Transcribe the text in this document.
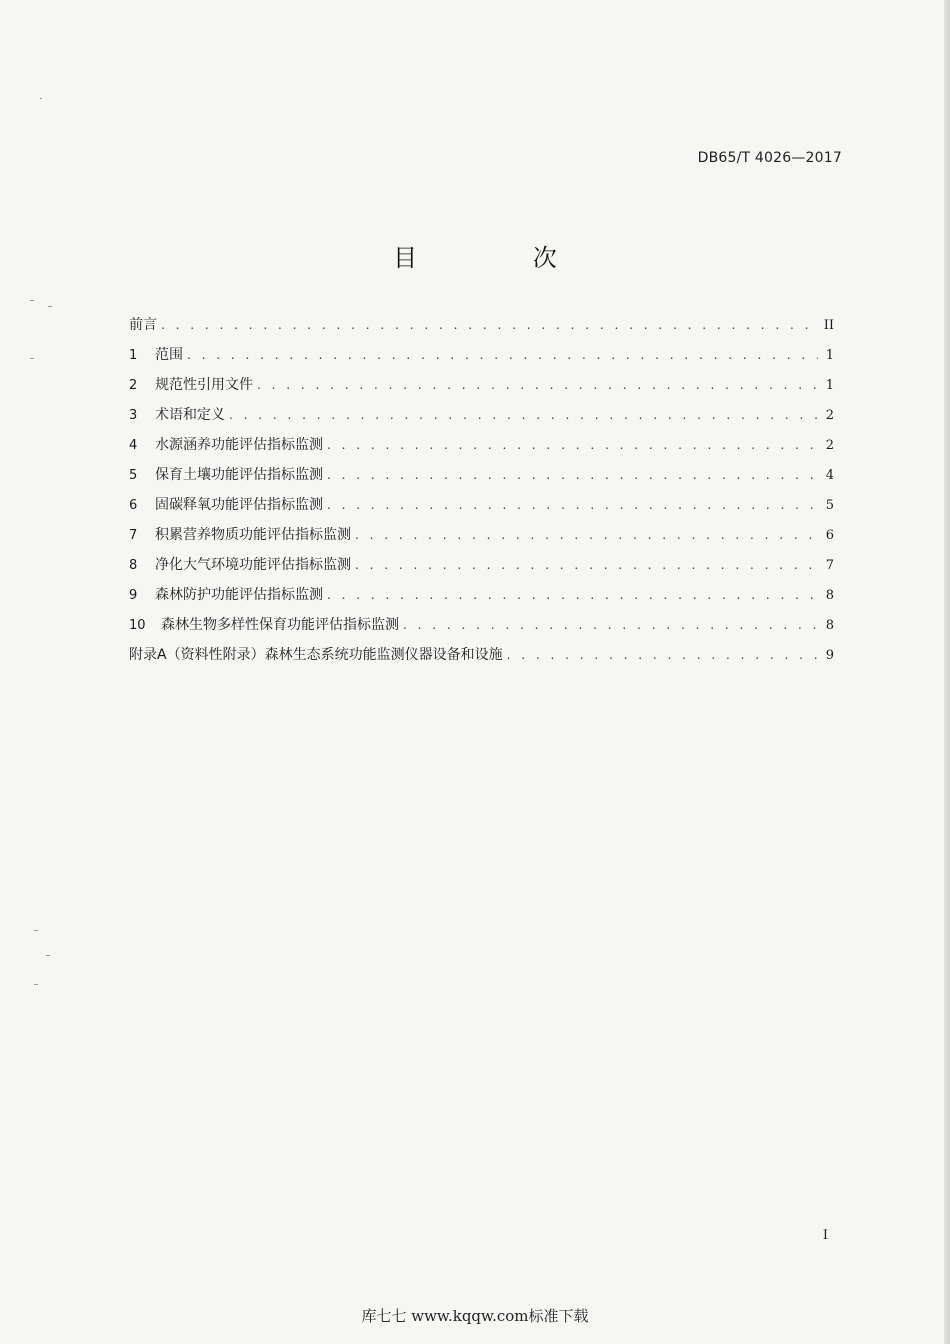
DB65/T 4026—2017
目 次
前言 . . .	II
1	范围 . . .	1
2	规范性引用文件 . . .	1
3	术语和定义 . . .	2
4	水源涵养功能评估指标监测 . . .	2
5	保育土壤功能评估指标监测 . . .	4
6	固碳释氧功能评估指标监测 . . .	5
7	积累营养物质功能评估指标监测 . . .	6
8	净化大气环境功能评估指标监测 . . .	7
9	森林防护功能评估指标监测 . . .	8
10	森林生物多样性保育功能评估指标监测 . . .	8
附录A（资料性附录）森林生态系统功能监测仪器设备和设施 . . .	9
I
库七七 www.kqqw.com标准下载
